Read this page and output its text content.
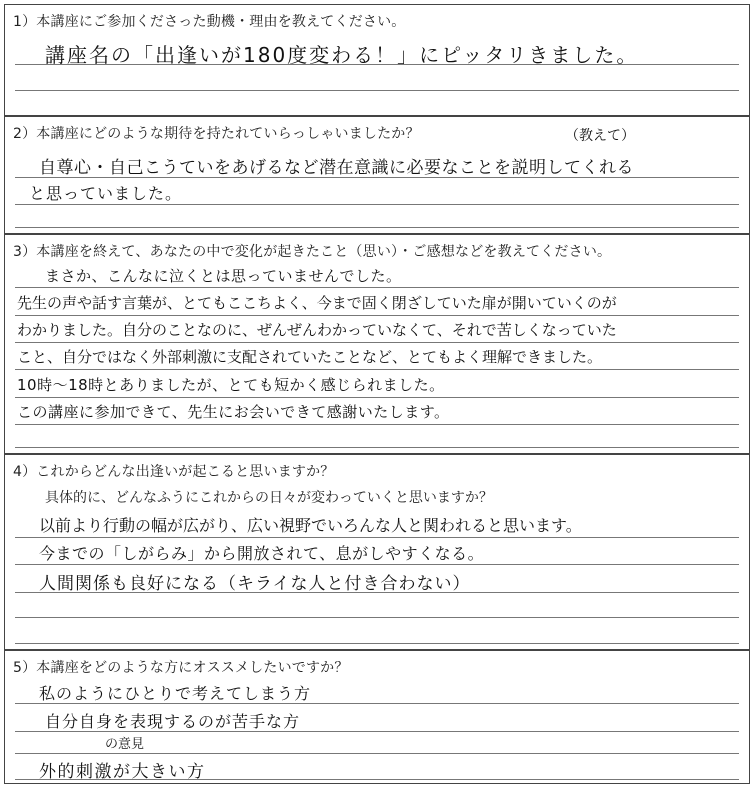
1）本講座にご参加くださった動機・理由を教えてください。
講座名の「出逢いが180度変わる！」にピッタリきました。
2）本講座にどのような期待を持たれていらっしゃいましたか？	（教えて）
自尊心・自己こうていをあげるなど潜在意識に必要なことを説明してくれる
と思っていました。
3）本講座を終えて、あなたの中で変化が起きたこと（思い）・ご感想などを教えてください。
まさか、こんなに泣くとは思っていませんでした。
先生の声や話す言葉が、とてもここちよく、今まで固く閉ざしていた扉が開いていくのが
わかりました。自分のことなのに、ぜんぜんわかっていなくて、それで苦しくなっていた
こと、自分ではなく外部刺激に支配されていたことなど、とてもよく理解できました。
10時～18時とありましたが、とても短かく感じられました。
この講座に参加できて、先生にお会いできて感謝いたします。
4）これからどんな出逢いが起こると思いますか？
具体的に、どんなふうにこれからの日々が変わっていくと思いますか？
以前より行動の幅が広がり、広い視野でいろんな人と関われると思います。
今までの「しがらみ」から開放されて、息がしやすくなる。
人間関係も良好になる（キライな人と付き合わない）
5）本講座をどのような方にオススメしたいですか？
私のようにひとりで考えてしまう方
自分自身を表現するのが苦手な方
の意見
外的刺激が大きい方
